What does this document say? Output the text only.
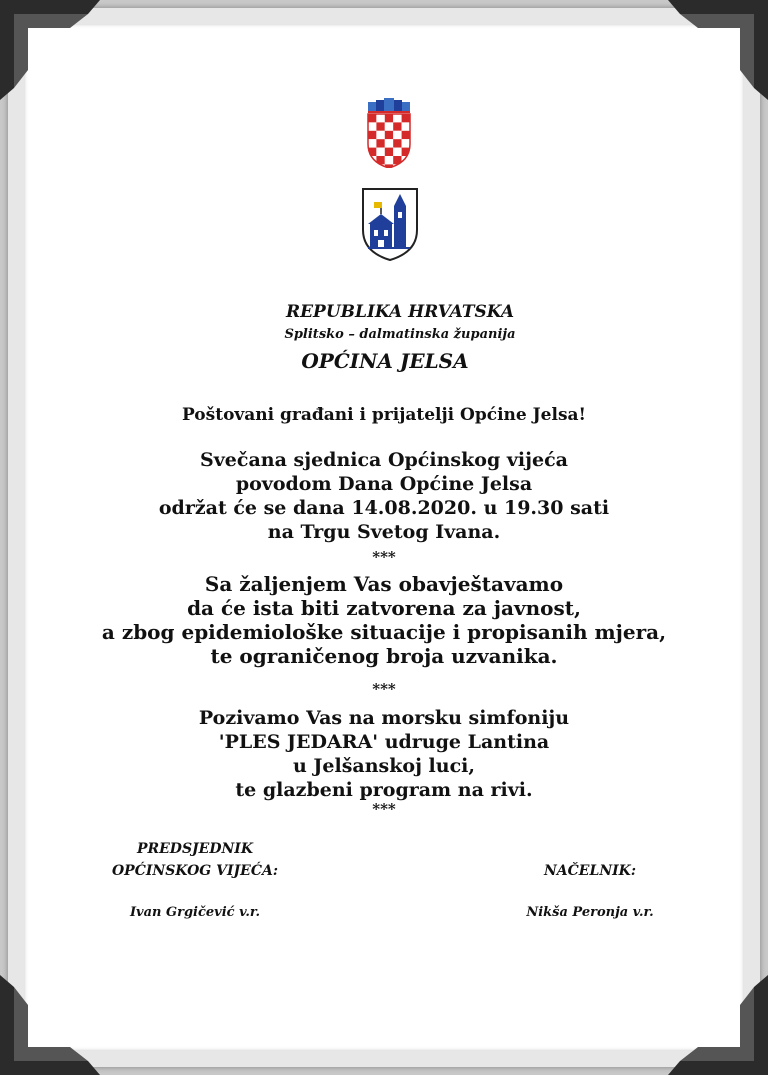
REPUBLIKA HRVATSKA

Splitsko – dalmatinska županija

OPĆINA JELSA

Poštovani građani i prijatelji Općine Jelsa!

Svečana sjednica Općinskog vijeća
povodom Dana Općine Jelsa
održat će se dana 14.08.2020. u 19.30 sati
na Trgu Svetog Ivana.

***

Sa žaljenjem Vas obavještavamo
da će ista biti zatvorena za javnost,
a zbog epidemiološke situacije i propisanih mjera,
te ograničenog broja uzvanika.

***

Pozivamo Vas na morsku simfoniju
'PLES JEDARA' udruge Lantina
u Jelšanskoj luci,
te glazbeni program na rivi.

***

PREDSJEDNIK
OPĆINSKOG VIJEĆA:	NAČELNIK:

Ivan Grgičević v.r.	Nikša Peronja v.r.
